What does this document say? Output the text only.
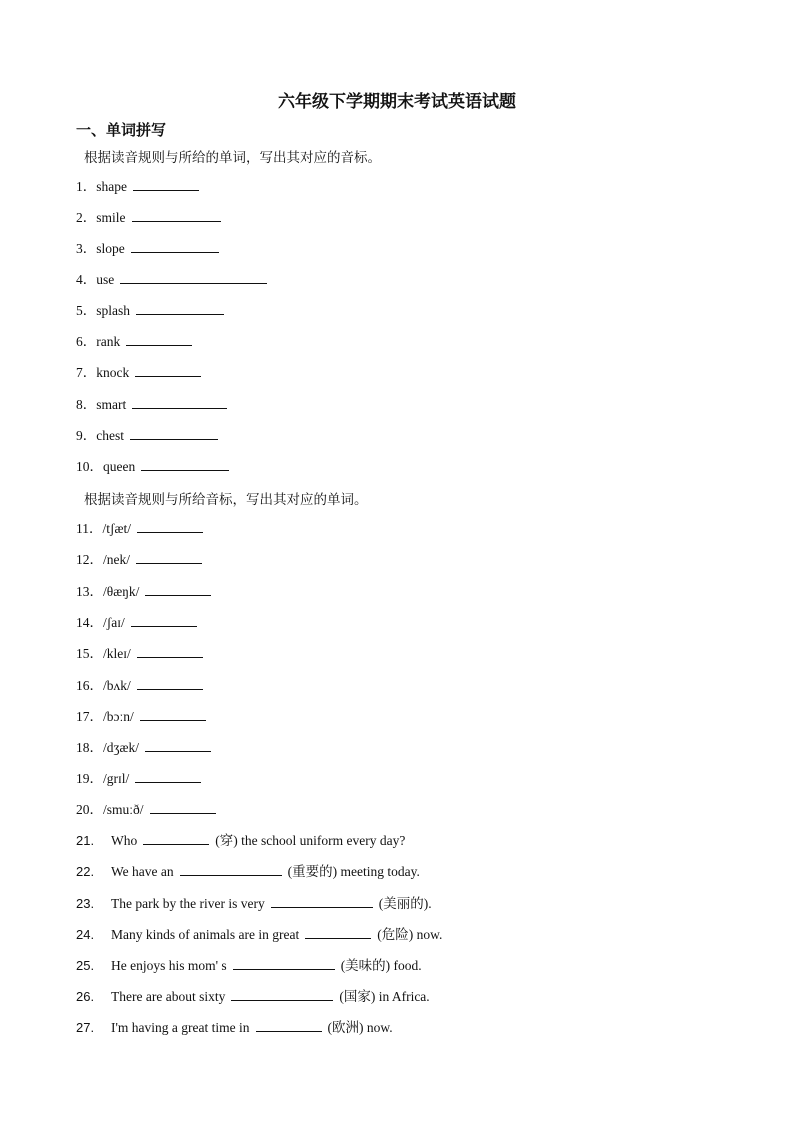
六年级下学期期末考试英语试题
一、单词拼写
根据读音规则与所给的单词，写出其对应的音标。
1．shape
2．smile
3．slope
4．use
5．splash
6．rank
7．knock
8．smart
9．chest
10．queen
根据读音规则与所给音标，写出其对应的单词。
11．/tʃæt/
12．/nek/
13．/θæŋk/
14．/ʃaɪ/
15．/kleɪ/
16．/bʌk/
17．/bɔːn/
18．/dʒæk/
19．/grɪl/
20．/smuːð/
21. Who	(穿) the school uniform every day?
22. We have an	(重要的) meeting today.
23. The park by the river is very	(美丽的).
24. Many kinds of animals are in great	(危险) now.
25. He enjoys his mom' s	(美味的) food.
26. There are about sixty	(国家) in Africa.
27. I'm having a great time in	(欧洲) now.
